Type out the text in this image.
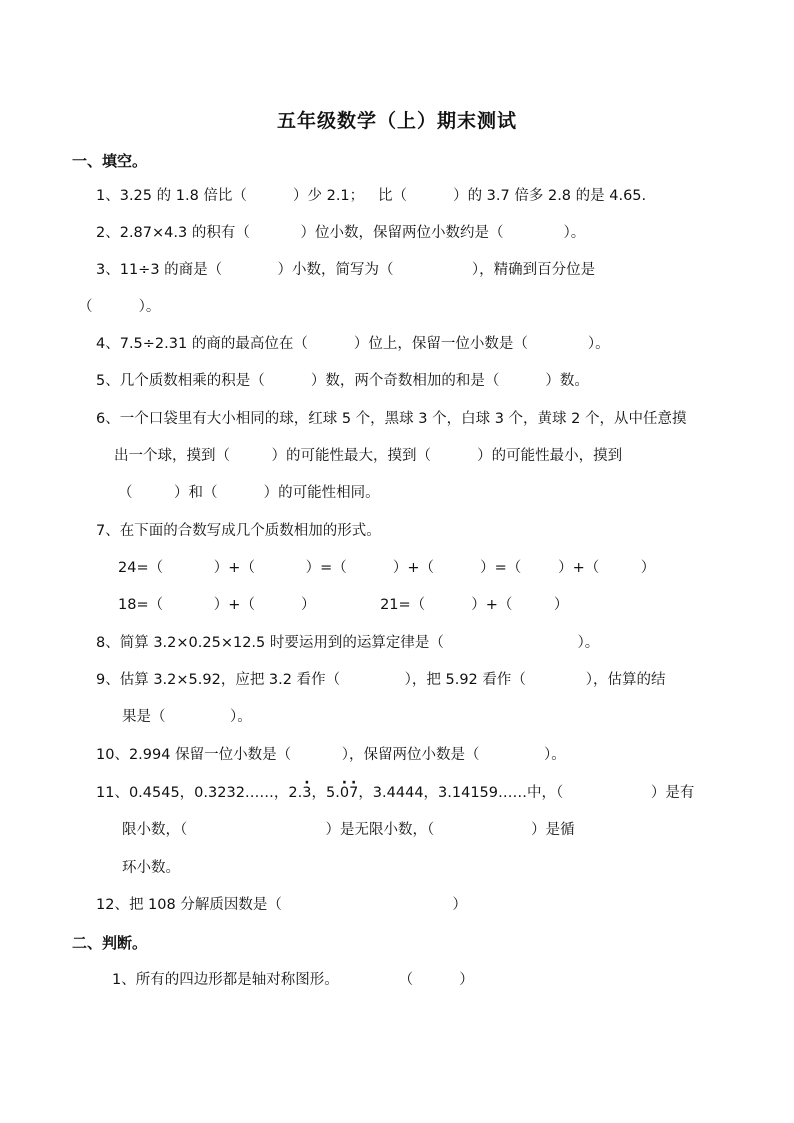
五年级数学（上）期末测试
一、填空。
1、3.25 的 1.8 倍比（          ）少 2.1；   比（          ）的 3.7 倍多 2.8 的是 4.65.
2、2.87×4.3 的积有（           ）位小数，保留两位小数约是（             ）。
3、11÷3 的商是（            ）小数，简写为（                 ），精确到百分位是
（          ）。
4、7.5÷2.31 的商的最高位在（          ）位上，保留一位小数是（             ）。
5、几个质数相乘的积是（          ）数，两个奇数相加的和是（          ）数。
6、一个口袋里有大小相同的球，红球 5 个，黑球 3 个，白球 3 个，黄球 2 个，从中任意摸
出一个球，摸到（         ）的可能性最大，摸到（          ）的可能性最小，摸到
（         ）和（          ）的可能性相同。
7、在下面的合数写成几个质数相加的形式。
24=（           ）+（           ）=（          ）+（          ）=（        ）+（         ）
18=（           ）+（          ）              21=（          ）+（         ）
8、简算 3.2×0.25×12.5 时要运用到的运算定律是（                             ）。
9、估算 3.2×5.92，应把 3.2 看作（              ），把 5.92 看作（             ），估算的结
果是（              ）。
10、2.994 保留一位小数是（           ），保留两位小数是（              ）。
11、0.4545，0.3232……，2.· 3，5.· 0· 7，3.4444，3.14159……中，（                   ）是有
限小数，（                              ）是无限小数，（                     ）是循
环小数。
12、把 108 分解质因数是（                                     ）
二、判断。
1、所有的四边形都是轴对称图形。             （          ）
